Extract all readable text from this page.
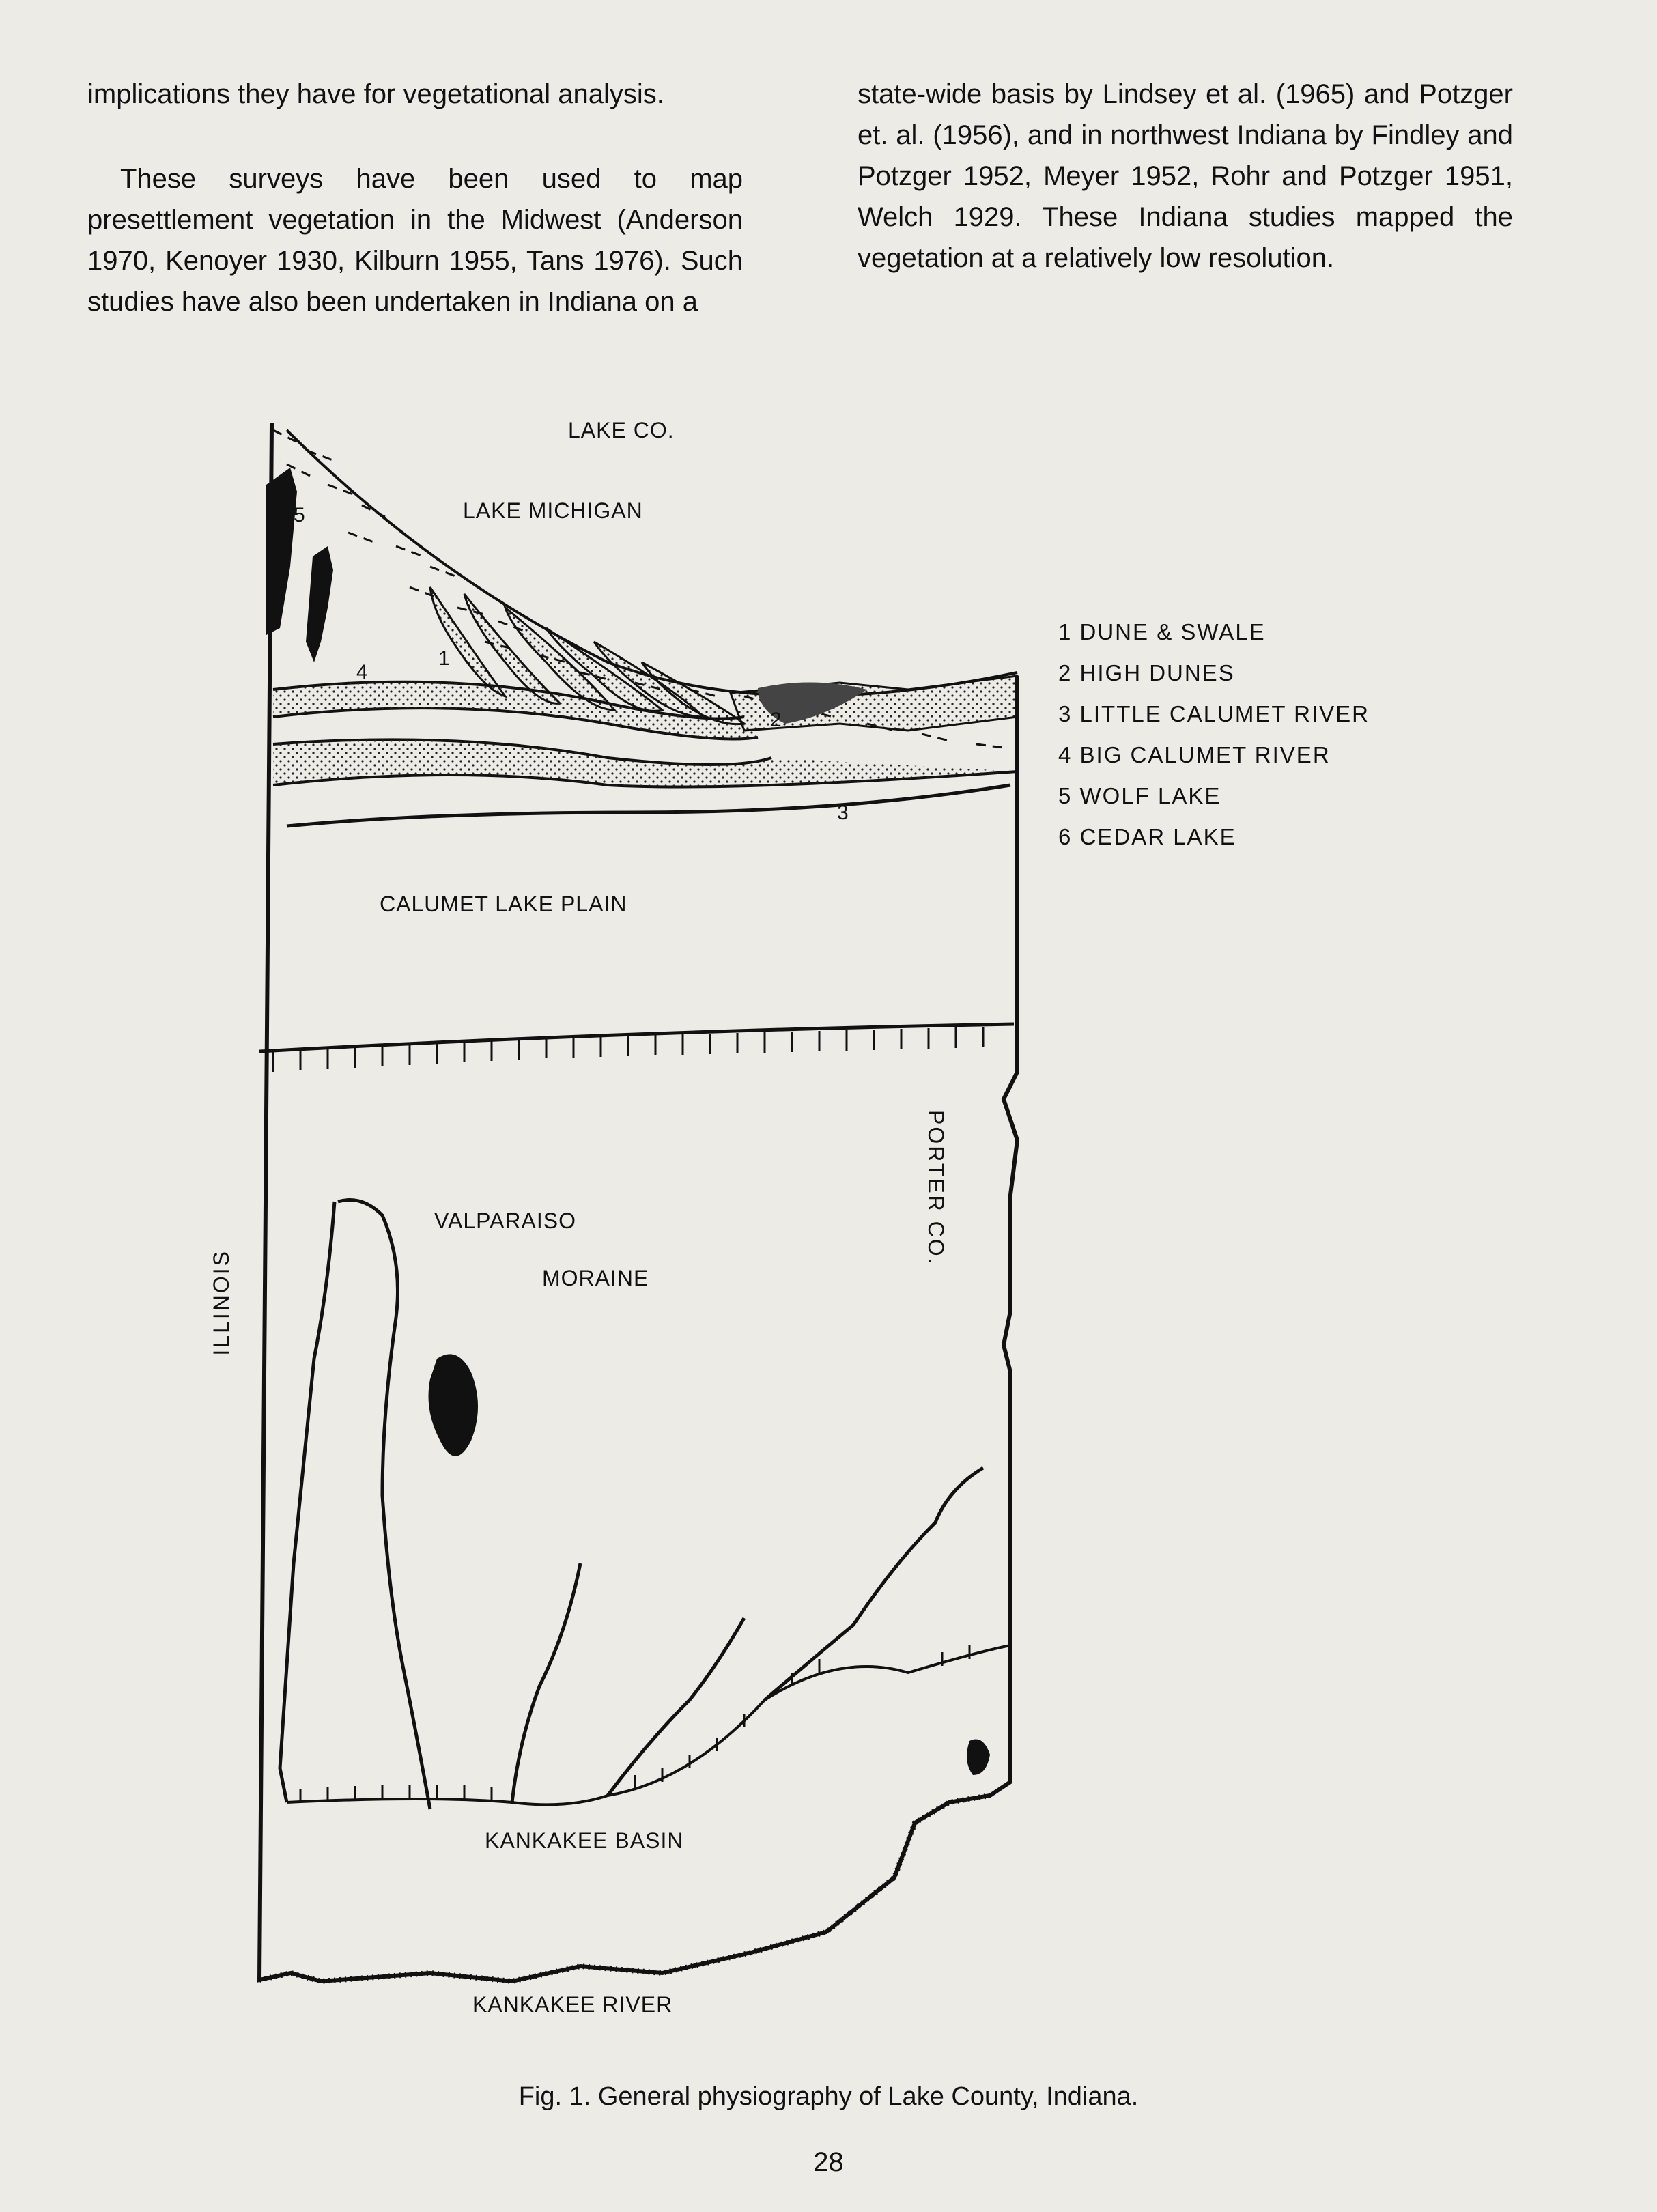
implications they have for vegetational analysis.

These surveys have been used to map presettlement vegetation in the Midwest (Anderson 1970, Kenoyer 1930, Kilburn 1955, Tans 1976). Such studies have also been undertaken in Indiana on a

state-wide basis by Lindsey et al. (1965) and Potzger et. al. (1956), and in northwest Indiana by Findley and Potzger 1952, Meyer 1952, Rohr and Potzger 1951, Welch 1929. These Indiana studies mapped the vegetation at a relatively low resolution.

LAKE CO.
LAKE MICHIGAN
CALUMET LAKE PLAIN
VALPARAISO
MORAINE
KANKAKEE BASIN
KANKAKEE RIVER
ILLINOIS
PORTER CO.
1
2
3
4
5
6
1 DUNE & SWALE
2 HIGH DUNES
3 LITTLE CALUMET RIVER
4 BIG CALUMET RIVER
5 WOLF LAKE
6 CEDAR LAKE
Fig. 1. General physiography of Lake County, Indiana.
28
